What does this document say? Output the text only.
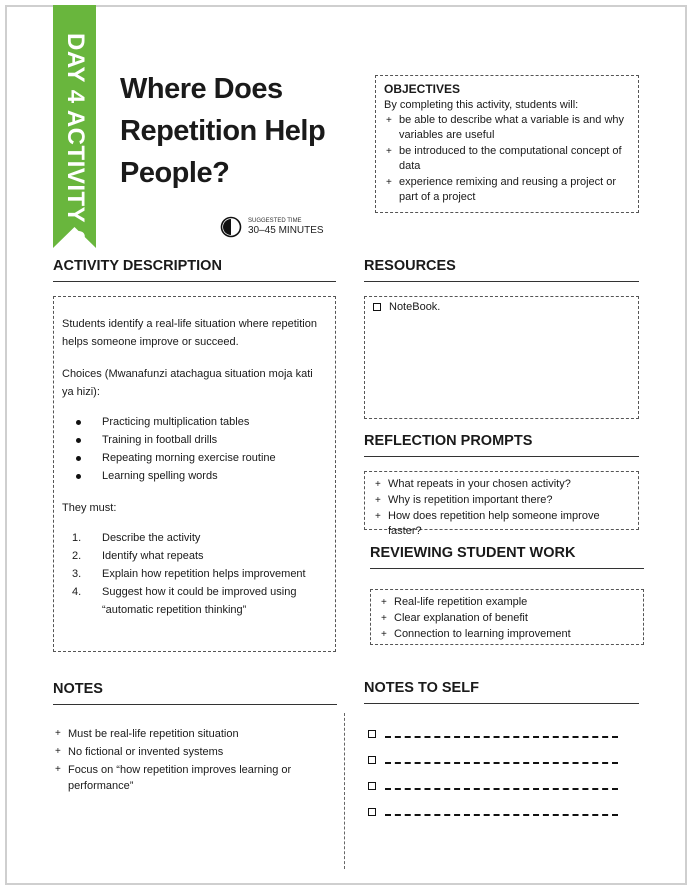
DAY 4 ACTIVITY 04 Where Does Repetition Help People?
SUGGESTED TIME
30–45 MINUTES
OBJECTIVES
By completing this activity, students will:
+ be able to describe what a variable is and why variables are useful
+ be introduced to the computational concept of data
+ experience remixing and reusing a project or part of a project
ACTIVITY DESCRIPTION

Students identify a real-life situation where repetition helps someone improve or succeed.

Choices (Mwanafunzi atachagua situation moja kati ya hizi):

Practicing multiplication tables
Training in football drills
Repeating morning exercise routine
Learning spelling words

They must:

1. Describe the activity
2. Identify what repeats
3. Explain how repetition helps improvement
4. Suggest how it could be improved using “automatic repetition thinking”
RESOURCES
NoteBook.
REFLECTION PROMPTS
+ What repeats in your chosen activity?
+ Why is repetition important there?
+ How does repetition help someone improve faster?
REVIEWING STUDENT WORK
+ Real-life repetition example
+ Clear explanation of benefit
+ Connection to learning improvement
NOTES
+ Must be real-life repetition situation
+ No fictional or invented systems
+ Focus on “how repetition improves learning or performance”
NOTES TO SELF
